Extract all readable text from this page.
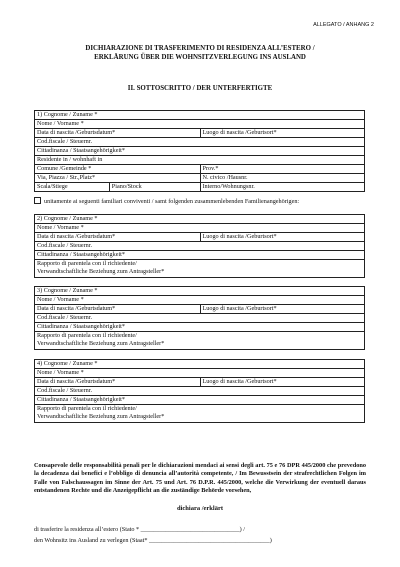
ALLEGATO / ANHANG 2
DICHIARAZIONE DI TRASFERIMENTO DI RESIDENZA ALL’ESTERO /
ERKLÄRUNG ÜBER DIE WOHNSITZVERLEGUNG INS AUSLAND
II. SOTTOSCRITTO / DER UNTERFERTIGTE
1) Cognome / Zuname *		
Nome / Vorname *		
Data di nascita /Geburtsdatum*		Luogo di nascita /Geburtsort*
Cod.fiscale / Steuernr.		
Cittadinanza / Staatsangehörigkeit*		
Residente in / wohnhaft in		
Comune /Gemeinde *		Prov.*
Via, Piazza / Str.,Platz*		N. civico /Hausnr.
Scala/Stiege	Piano/Stock	Interno/Wohnungsnr.
unitamente ai seguenti familiari conviventi / samt folgenden zusammenlebenden Familienangehörigen:
2) Cognome / Zuname *
Nome / Vorname *
Data di nascita /Geburtsdatum*	Luogo di nascita /Geburtsort*
Cod.fiscale / Steuernr.
Cittadinanza / Staatsangehörigkeit*

Rapporto di parentela con il richiedente/
Verwandtschaftliche Beziehung zum Antragsteller*
3) Cognome / Zuname *
Nome / Vorname *
Data di nascita /Geburtsdatum*	Luogo di nascita /Geburtsort*
Cod.fiscale / Steuernr.
Cittadinanza / Staatsangehörigkeit*

Rapporto di parentela con il richiedente/
Verwandtschaftliche Beziehung zum Antragsteller*
4) Cognome / Zuname *
Nome / Vorname *
Data di nascita /Geburtsdatum*	Luogo di nascita /Geburtsort*
Cod.fiscale / Steuernr.
Cittadinanza / Staatsangehörigkeit*

Rapporto di parentela con il richiedente/
Verwandtschaftliche Beziehung zum Antragsteller*
Consapevole delle responsabilità penali per le dichiarazioni mendaci ai sensi degli art. 75 e 76 DPR 445/2000 che prevedono la decadenza dai benefici e l’obbligo di denuncia all’autorità competente, / Im Bewusstsein der strafrechtlichen Folgen im Falle von Falschaussagen im Sinne der Art. 75 und Art. 76 D.P.R. 445/2000, welche die Verwirkung der eventuell daraus entstandenen Rechte und die Anzeigepflicht an die zuständige Behörde vorsehen,
dichiara /erklärt
di trasferire la residenza all’estero (Stato * ________________________________) /
den Wohnsitz ins Ausland zu verlegen (Staat* _______________________________________)
